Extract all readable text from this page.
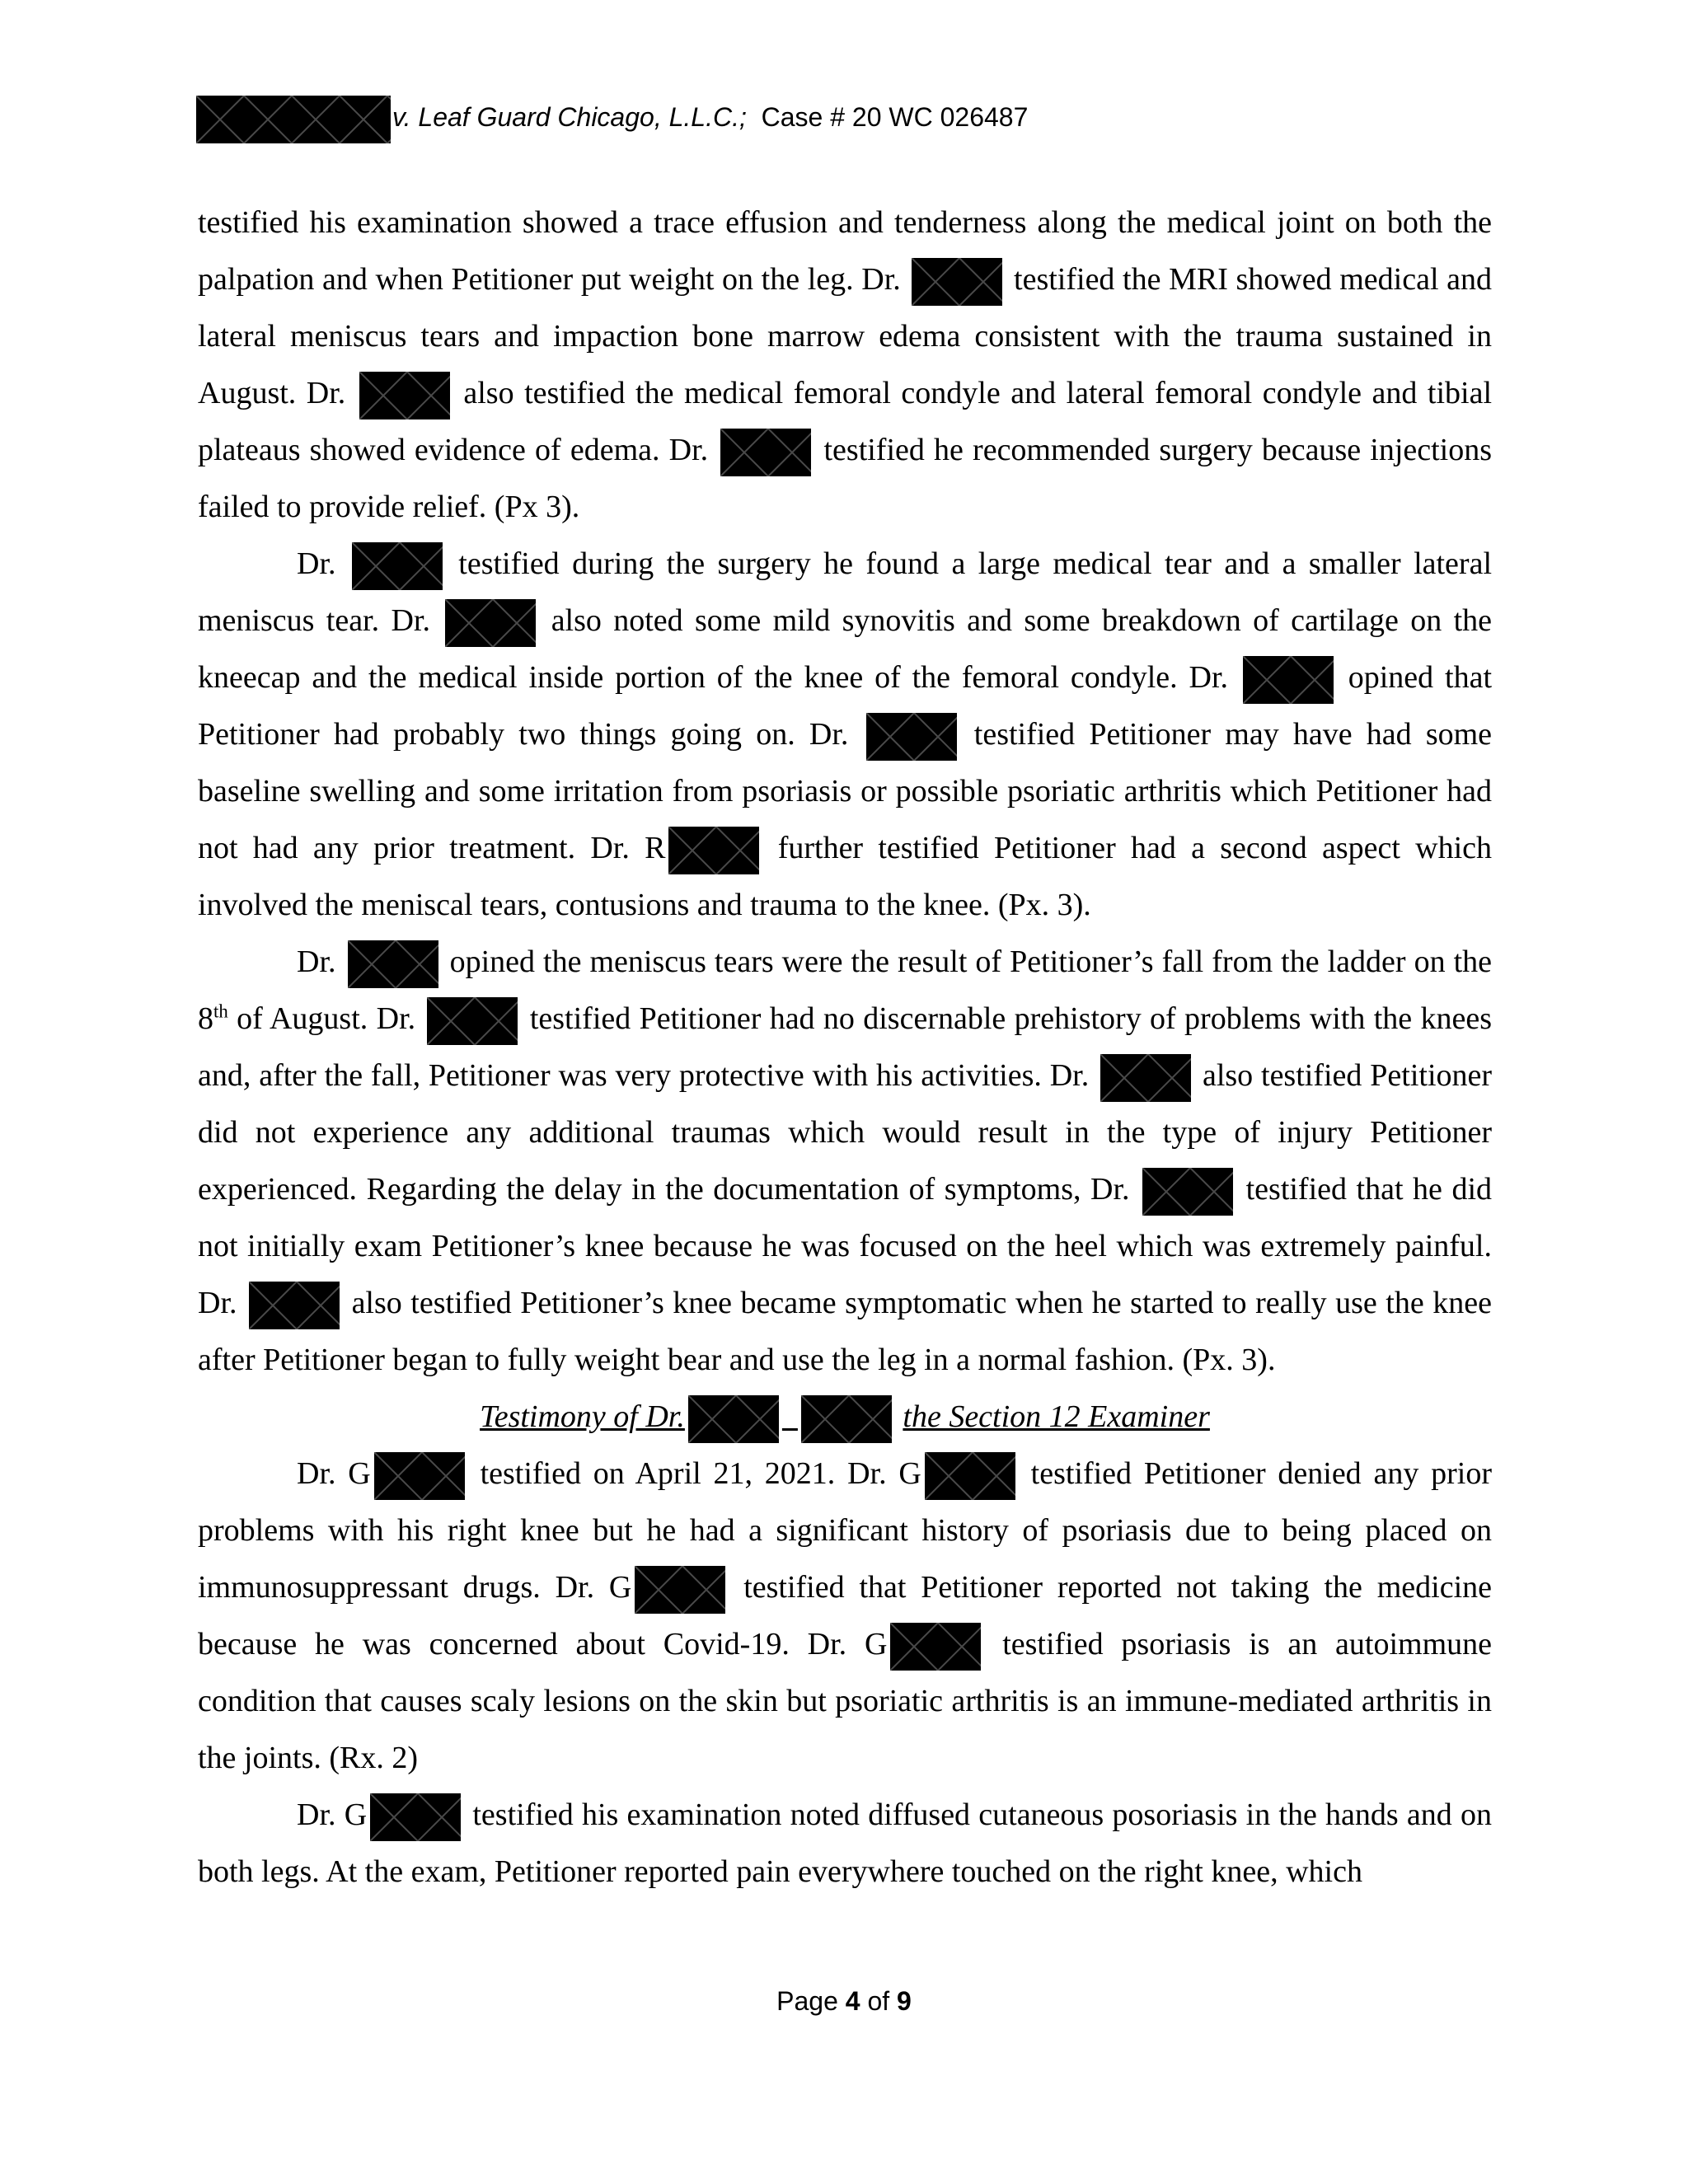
v. Leaf Guard Chicago, L.L.C.; Case # 20 WC 026487

testified his examination showed a trace effusion and tenderness along the medical joint on both the palpation and when Petitioner put weight on the leg. Dr.	testified the MRI showed medical and lateral meniscus tears and impaction bone marrow edema consistent with the trauma sustained in August. Dr.	also testified the medical femoral condyle and lateral femoral condyle and tibial plateaus showed evidence of edema. Dr.	testified he recommended surgery because injections failed to provide relief. (Px 3).

Dr.	testified during the surgery he found a large medical tear and a smaller lateral meniscus tear. Dr.	also noted some mild synovitis and some breakdown of cartilage on the kneecap and the medical inside portion of the knee of the femoral condyle. Dr.	opined that Petitioner had probably two things going on. Dr.	testified Petitioner may have had some baseline swelling and some irritation from psoriasis or possible psoriatic arthritis which Petitioner had not had any prior treatment. Dr. R	further testified Petitioner had a second aspect which involved the meniscal tears, contusions and trauma to the knee. (Px. 3).

Dr.	opined the meniscus tears were the result of Petitioner’s fall from the ladder on the 8th of August. Dr.	testified Petitioner had no discernable prehistory of problems with the knees and, after the fall, Petitioner was very protective with his activities. Dr.	also testified Petitioner did not experience any additional traumas which would result in the type of injury Petitioner experienced. Regarding the delay in the documentation of symptoms, Dr.	testified that he did not initially exam Petitioner’s knee because he was focused on the heel which was extremely painful. Dr.	also testified Petitioner’s knee became symptomatic when he started to really use the knee after Petitioner began to fully weight bear and use the leg in a normal fashion. (Px. 3).

Testimony of Dr.
	the Section 12 Examiner

Dr. G	testified on April 21, 2021. Dr. G	testified Petitioner denied any prior problems with his right knee but he had a significant history of psoriasis due to being placed on immunosuppressant drugs. Dr. G	testified that Petitioner reported not taking the medicine because he was concerned about Covid-19. Dr. G	testified psoriasis is an autoimmune condition that causes scaly lesions on the skin but psoriatic arthritis is an immune-mediated arthritis in the joints. (Rx. 2)

Dr. G	testified his examination noted diffused cutaneous posoriasis in the hands and on both legs. At the exam, Petitioner reported pain everywhere touched on the right knee, which

Page 4 of 9
